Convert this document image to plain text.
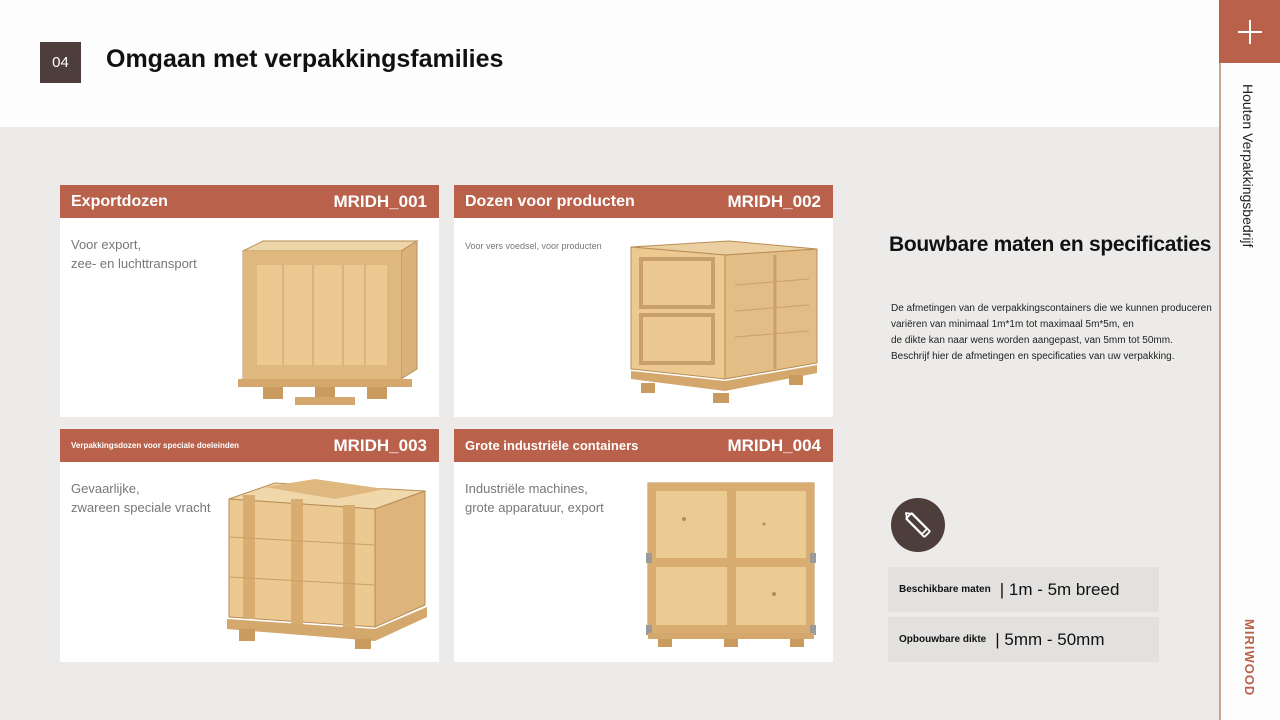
04	Omgaan met verpakkingsfamilies
Houten Verpakkingsbedrijf
MIRIWOOD
Exportdozen	MRIDH_001
Voor export,
zee- en luchttransport
Dozen voor producten	MRIDH_002
Voor vers voedsel, voor producten
Verpakkingsdozen voor speciale doeleinden	MRIDH_003
Gevaarlijke,
zwareen speciale vracht
Grote industriële containers	MRIDH_004
Industriële machines,
grote apparatuur, export
Bouwbare maten en specificaties
De afmetingen van de verpakkingscontainers die we kunnen produceren
variëren van minimaal 1m*1m tot maximaal 5m*5m, en
de dikte kan naar wens worden aangepast, van 5mm tot 50mm.
Beschrijf hier de afmetingen en specificaties van uw verpakking.
Beschikbare maten | 1m - 5m breed
Opbouwbare dikte | 5mm - 50mm
